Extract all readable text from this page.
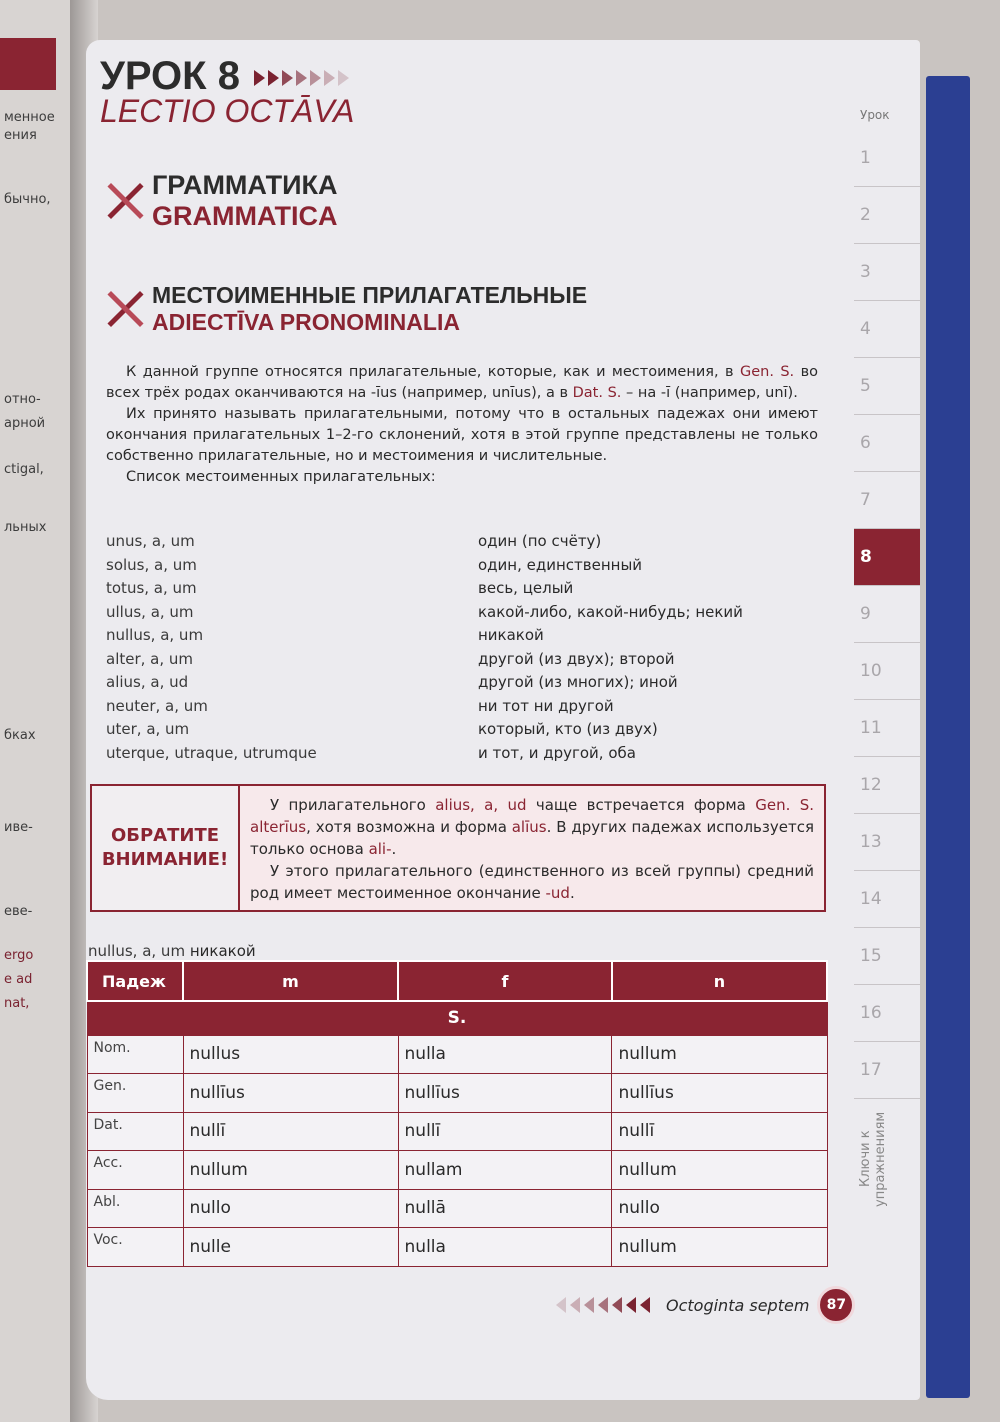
менное
ения
бычно,
отно-
арной
ctigal,
льных
бках
иве-
еве-
ergo
e ad
nat,
УРОК 8
LECTIO OCTĀVA
ГРАММАТИКА
GRAMMATICA
МЕСТОИМЕННЫЕ ПРИЛАГАТЕЛЬНЫЕ
ADIECTĪVA PRONOMINALIA

К данной группе относятся прилагательные, которые, как и местоимения, в Gen. S. во всех трёх родах оканчиваются на -īus (например, unīus), а в Dat. S. – на -ī (например, unī).

Их принято называть прилагательными, потому что в остальных падежах они имеют окончания прилагательных 1–2-го склонений, хотя в этой группе представлены не только собственно прилагательные, но и местоимения и числительные.

Список местоименных прилагательных:

unus, a, um	один (по счёту)
solus, a, um	один, единственный
totus, a, um	весь, целый
ullus, a, um	какой-либо, какой-нибудь; некий
nullus, a, um	никакой
alter, a, um	другой (из двух); второй
alius, a, ud	другой (из многих); иной
neuter, a, um	ни тот ни другой
uter, a, um	который, кто (из двух)
uterque, utraque, utrumque	и тот, и другой, оба
ОБРАТИТЕ
ВНИМАНИЕ!

У прилагательного alius, a, ud чаще встречается форма Gen. S. alterīus, хотя возможна и форма alīus. В других падежах используется только основа ali-.

У этого прилагательного (единственного из всей группы) средний род имеет местоименное окончание -ud.

nullus, a, um никакой
Падеж	m	f	n
S.			
Nom.	nullus	nulla	nullum
Gen.	nullīus	nullīus	nullīus
Dat.	nullī	nullī	nullī
Acc.	nullum	nullam	nullum
Abl.	nullo	nullā	nullo
Voc.	nulle	nulla	nullum
Octoginta septem	87
Урок
1
2
3
4
5
6
7
8
9
10
11
12
13
14
15
16
17
Ключи к упражнениям
